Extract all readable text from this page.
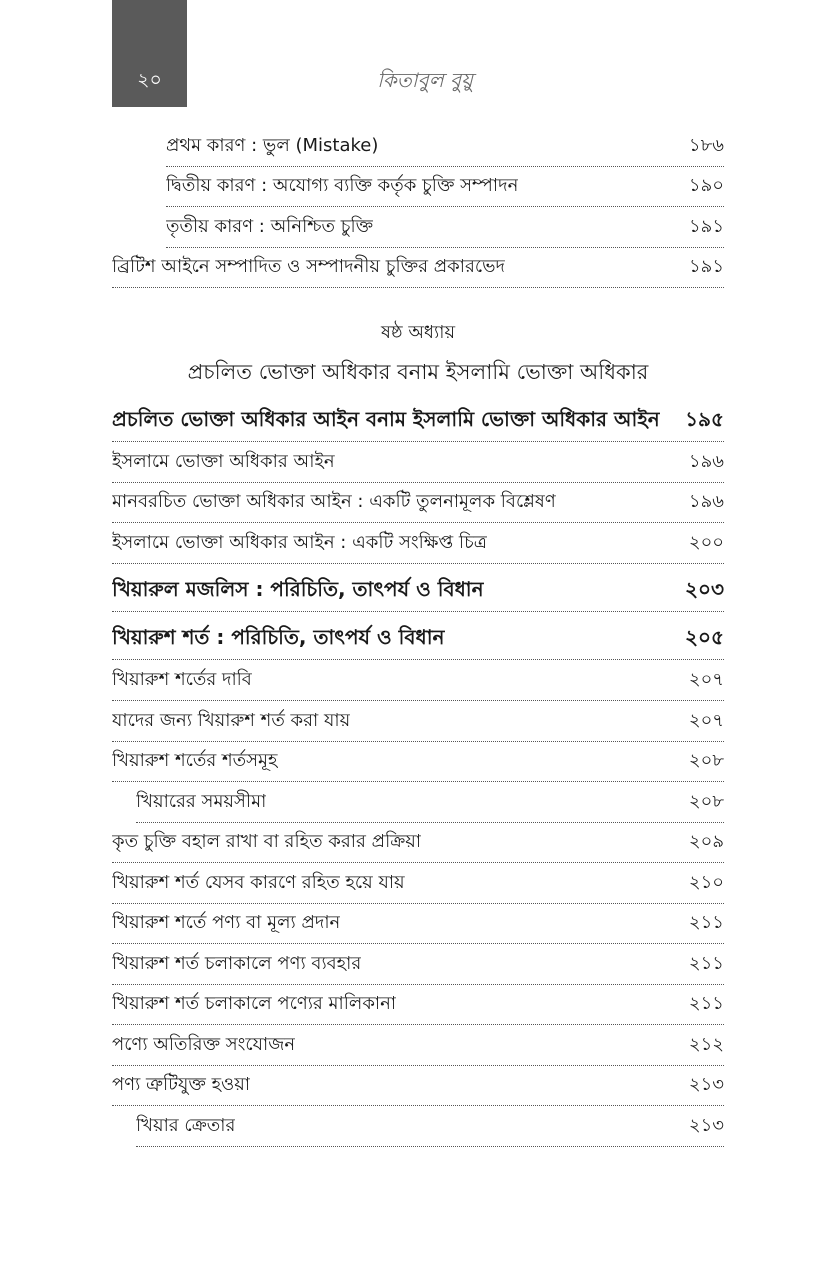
২০	কিতাবুল বুয়ু
প্রথম কারণ : ভুল (Mistake)	১৮৬
দ্বিতীয় কারণ : অযোগ্য ব্যক্তি কর্তৃক চুক্তি সম্পাদন	১৯০
তৃতীয় কারণ : অনিশ্চিত চুক্তি	১৯১
ব্রিটিশ আইনে সম্পাদিত ও সম্পাদনীয় চুক্তির প্রকারভেদ	১৯১
ষষ্ঠ অধ্যায়
প্রচলিত ভোক্তা অধিকার বনাম ইসলামি ভোক্তা অধিকার
প্রচলিত ভোক্তা অধিকার আইন বনাম ইসলামি ভোক্তা অধিকার আইন	১৯৫
ইসলামে ভোক্তা অধিকার আইন	১৯৬
মানবরচিত ভোক্তা অধিকার আইন : একটি তুলনামূলক বিশ্লেষণ	১৯৬
ইসলামে ভোক্তা অধিকার আইন : একটি সংক্ষিপ্ত চিত্র	২০০
খিয়ারুল মজলিস : পরিচিতি, তাৎপর্য ও বিধান	২০৩
খিয়ারুশ শর্ত : পরিচিতি, তাৎপর্য ও বিধান	২০৫
খিয়ারুশ শর্তের দাবি	২০৭
যাদের জন্য খিয়ারুশ শর্ত করা যায়	২০৭
খিয়ারুশ শর্তের শর্তসমূহ	২০৮
খিয়ারের সময়সীমা	২০৮
কৃত চুক্তি বহাল রাখা বা রহিত করার প্রক্রিয়া	২০৯
খিয়ারুশ শর্ত যেসব কারণে রহিত হয়ে যায়	২১০
খিয়ারুশ শর্তে পণ্য বা মূল্য প্রদান	২১১
খিয়ারুশ শর্ত চলাকালে পণ্য ব্যবহার	২১১
খিয়ারুশ শর্ত চলাকালে পণ্যের মালিকানা	২১১
পণ্যে অতিরিক্ত সংযোজন	২১২
পণ্য ত্রুটিযুক্ত হওয়া	২১৩
খিয়ার ক্রেতার	২১৩
